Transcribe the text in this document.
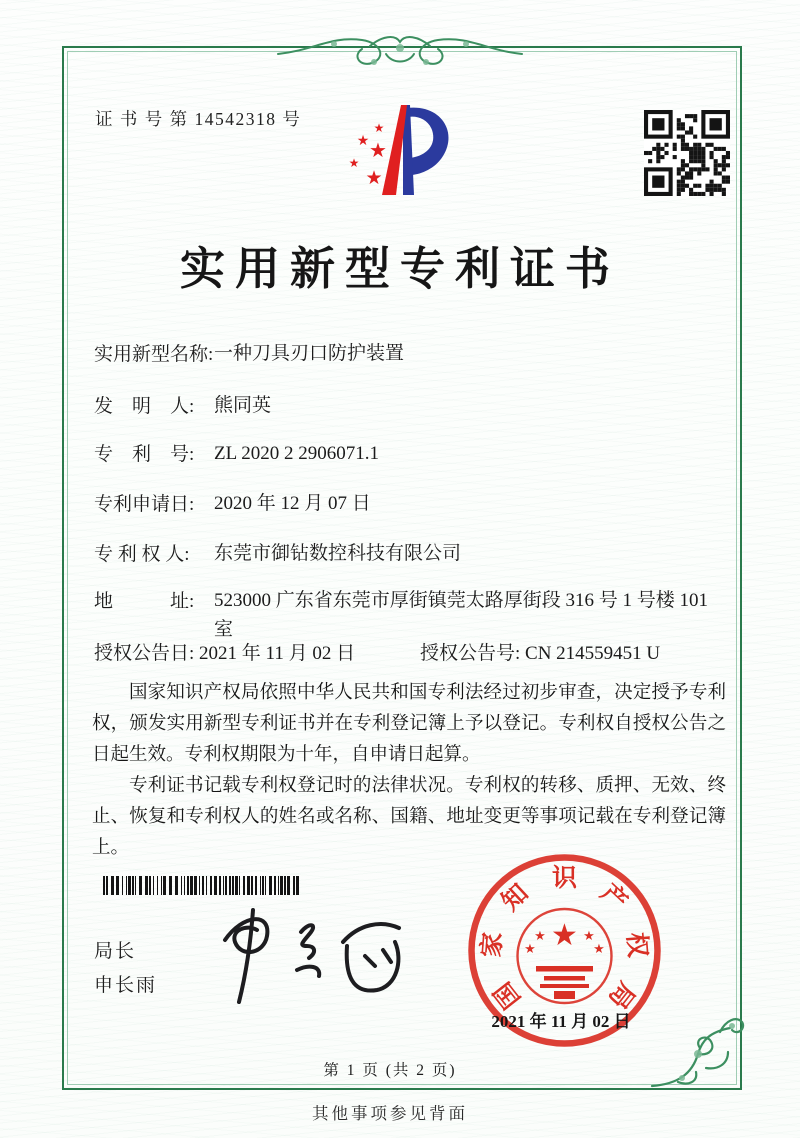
证 书 号 第 14542318 号	★
★
★
★
★
实用新型专利证书
实用新型名称:一种刀具刃口防护装置
发　明　人: 熊同英
专　利　号: ZL 2020 2 2906071.1
专利申请日: 2020 年 12 月 07 日
专 利 权 人: 东莞市御钻数控科技有限公司
地　　　址: 523000 广东省东莞市厚街镇莞太路厚街段 316 号 1 号楼 101 室
授权公告日: 2021 年 11 月 02 日	授权公告号: CN 214559451 U

国家知识产权局依照中华人民共和国专利法经过初步审查，决定授予专利权，颁发实用新型专利证书并在专利登记簿上予以登记。专利权自授权公告之日起生效。专利权期限为十年，自申请日起算。

专利证书记载专利权登记时的法律状况。专利权的转移、质押、无效、终止、恢复和专利权人的姓名或名称、国籍、地址变更等事项记载在专利登记簿上。

局长
申长雨	国
家
知
识
产
权
局
★
★
★
★
★
2021 年 11 月 02 日
第 1 页 (共 2 页)
其他事项参见背面
